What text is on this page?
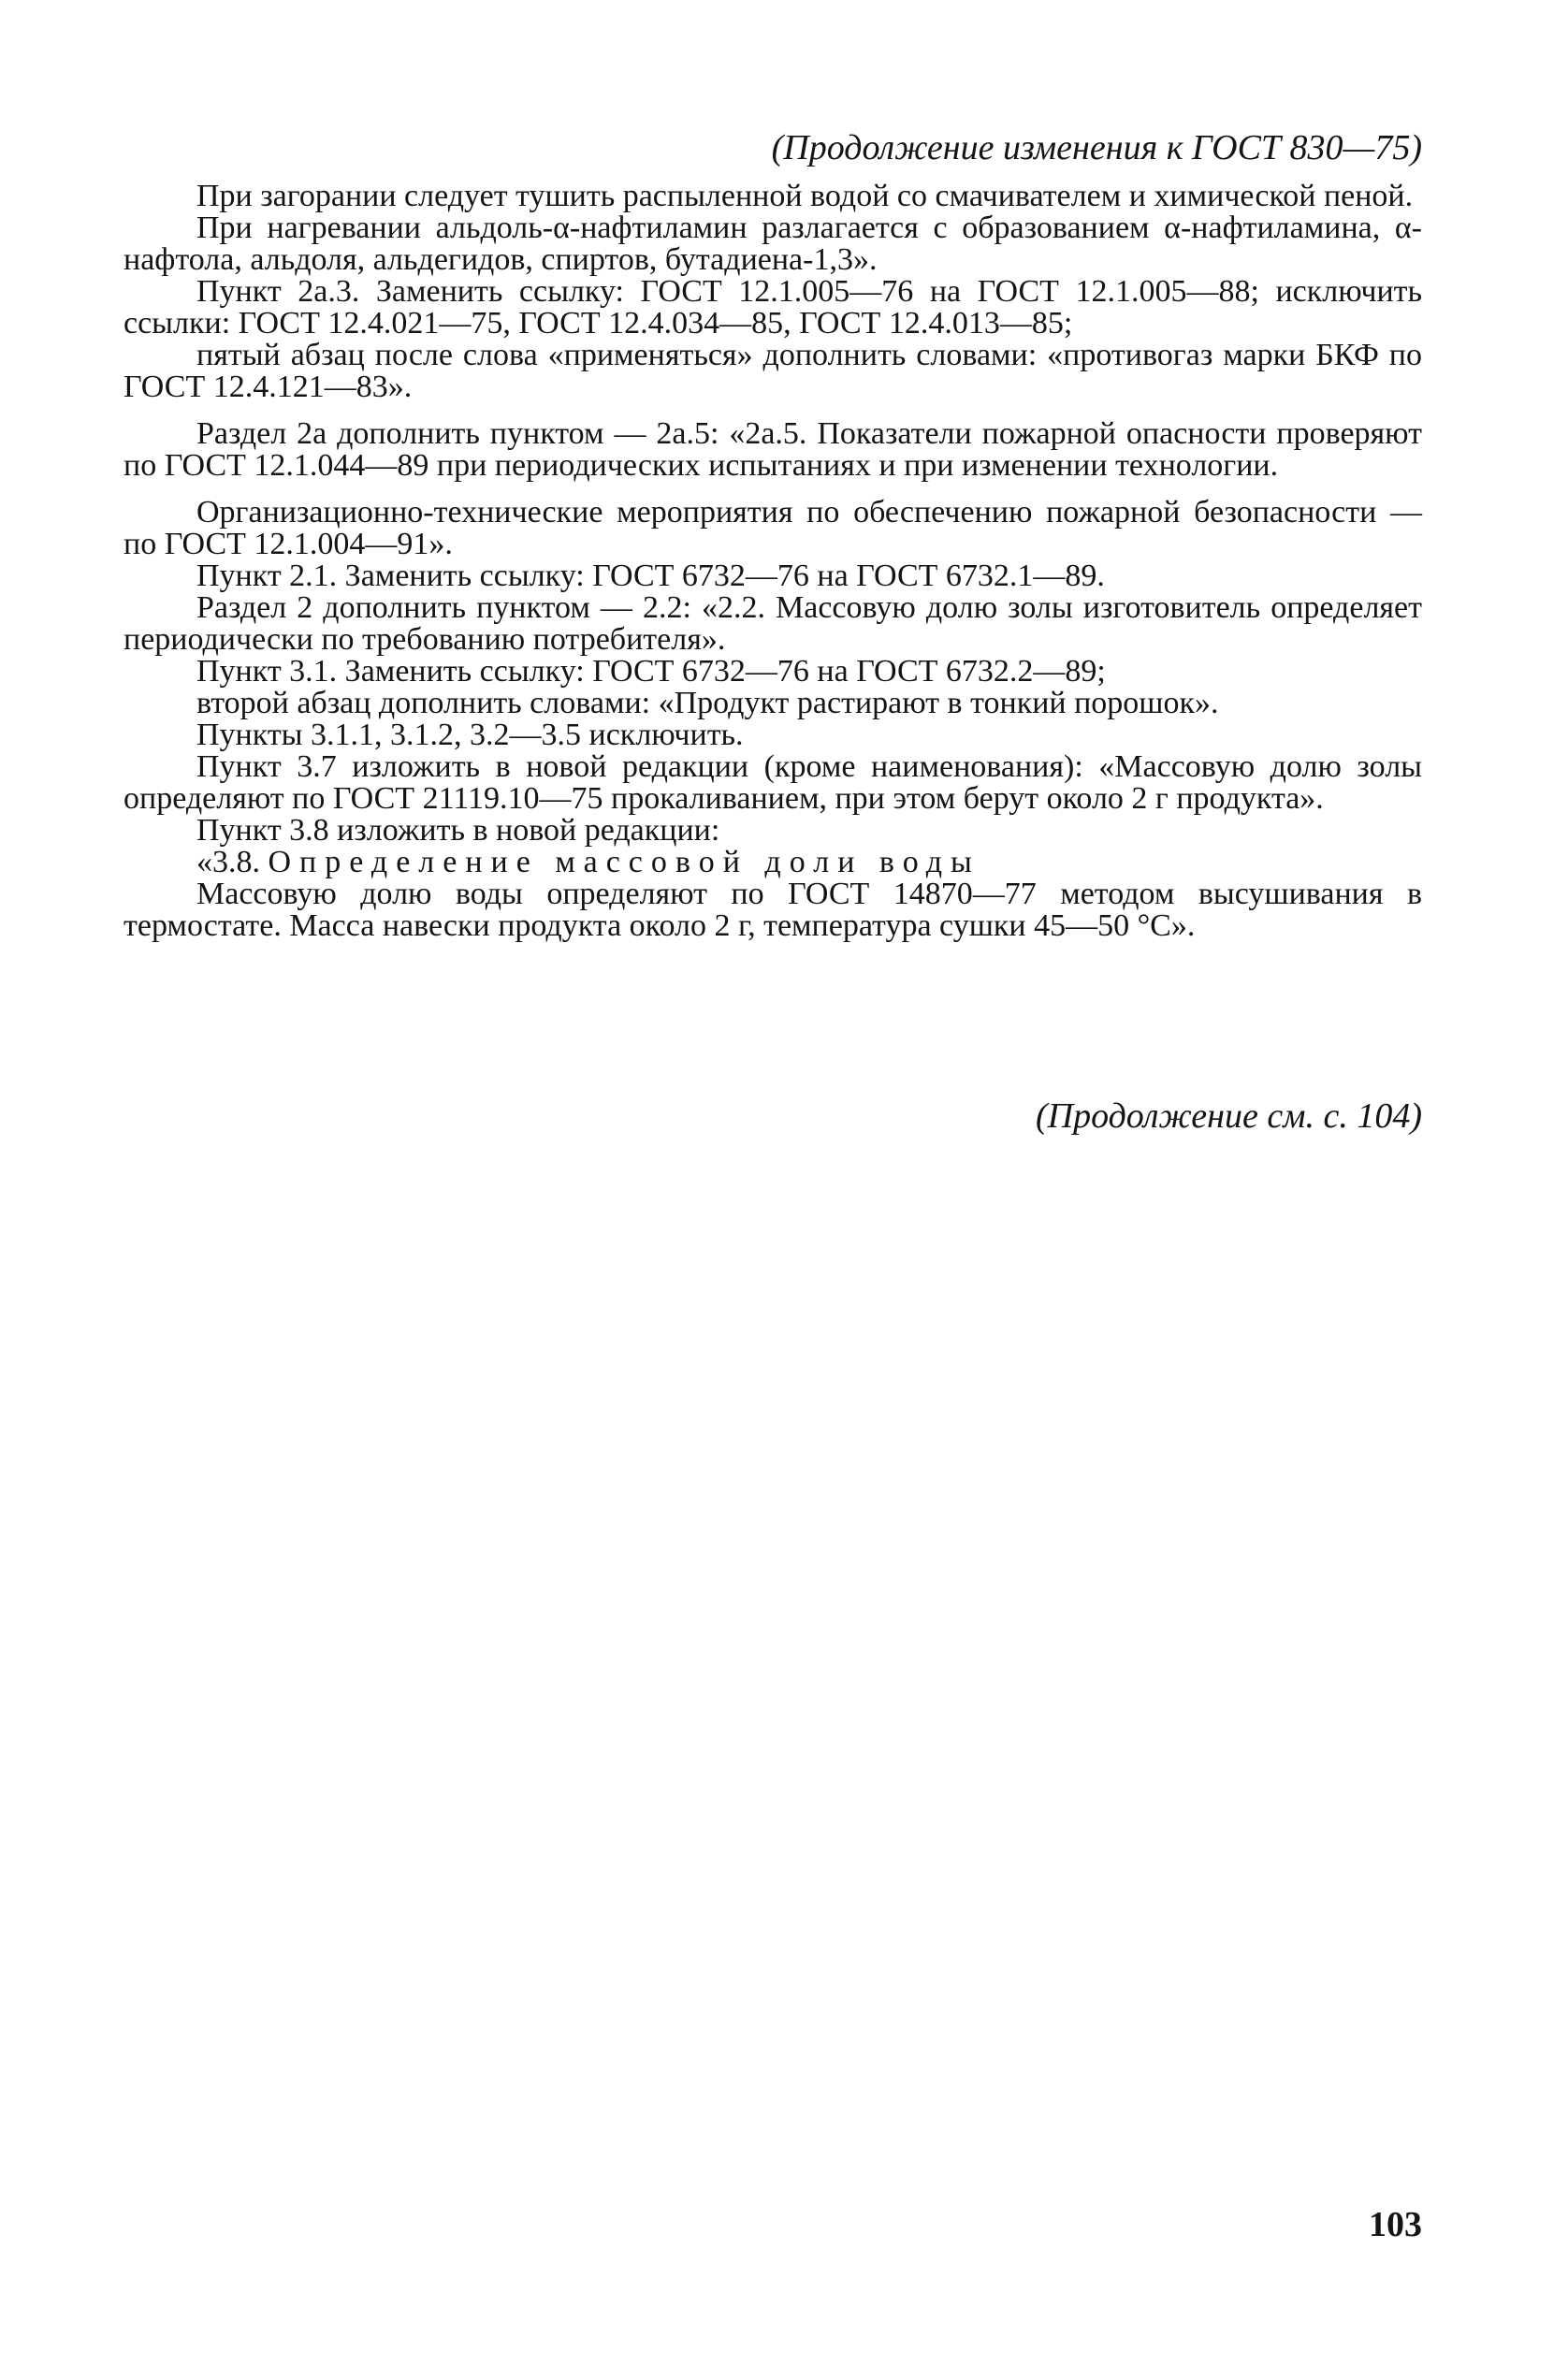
(Продолжение изменения к ГОСТ 830—75)

При загорании следует тушить распыленной водой со смачивателем и химической пеной.

При нагревании альдоль-α-нафтиламин разлагается с образованием α-нафтиламина, α-нафтола, альдоля, альдегидов, спиртов, бутадиена-1,3».

Пункт 2а.3. Заменить ссылку: ГОСТ 12.1.005—76 на ГОСТ 12.1.005—88; исключить ссылки: ГОСТ 12.4.021—75, ГОСТ 12.4.034—85, ГОСТ 12.4.013—85;

пятый абзац после слова «применяться» дополнить словами: «противогаз марки БКФ по ГОСТ 12.4.121—83».

Раздел 2а дополнить пунктом — 2а.5: «2а.5. Показатели пожарной опасности проверяют по ГОСТ 12.1.044—89 при периодических испытаниях и при изменении технологии.

Организационно-технические мероприятия по обеспечению пожарной безопасности — по ГОСТ 12.1.004—91».

Пункт 2.1. Заменить ссылку: ГОСТ 6732—76 на ГОСТ 6732.1—89.

Раздел 2 дополнить пунктом — 2.2: «2.2. Массовую долю золы изготовитель определяет периодически по требованию потребителя».

Пункт 3.1. Заменить ссылку: ГОСТ 6732—76 на ГОСТ 6732.2—89;

второй абзац дополнить словами: «Продукт растирают в тонкий порошок».

Пункты 3.1.1, 3.1.2, 3.2—3.5 исключить.

Пункт 3.7 изложить в новой редакции (кроме наименования): «Массовую долю золы определяют по ГОСТ 21119.10—75 прокаливанием, при этом берут около 2 г продукта».

Пункт 3.8 изложить в новой редакции:

«3.8. Определение массовой доли воды

Массовую долю воды определяют по ГОСТ 14870—77 методом высушивания в термостате. Масса навески продукта около 2 г, температура сушки 45—50 °С».

(Продолжение см. с. 104)
103
